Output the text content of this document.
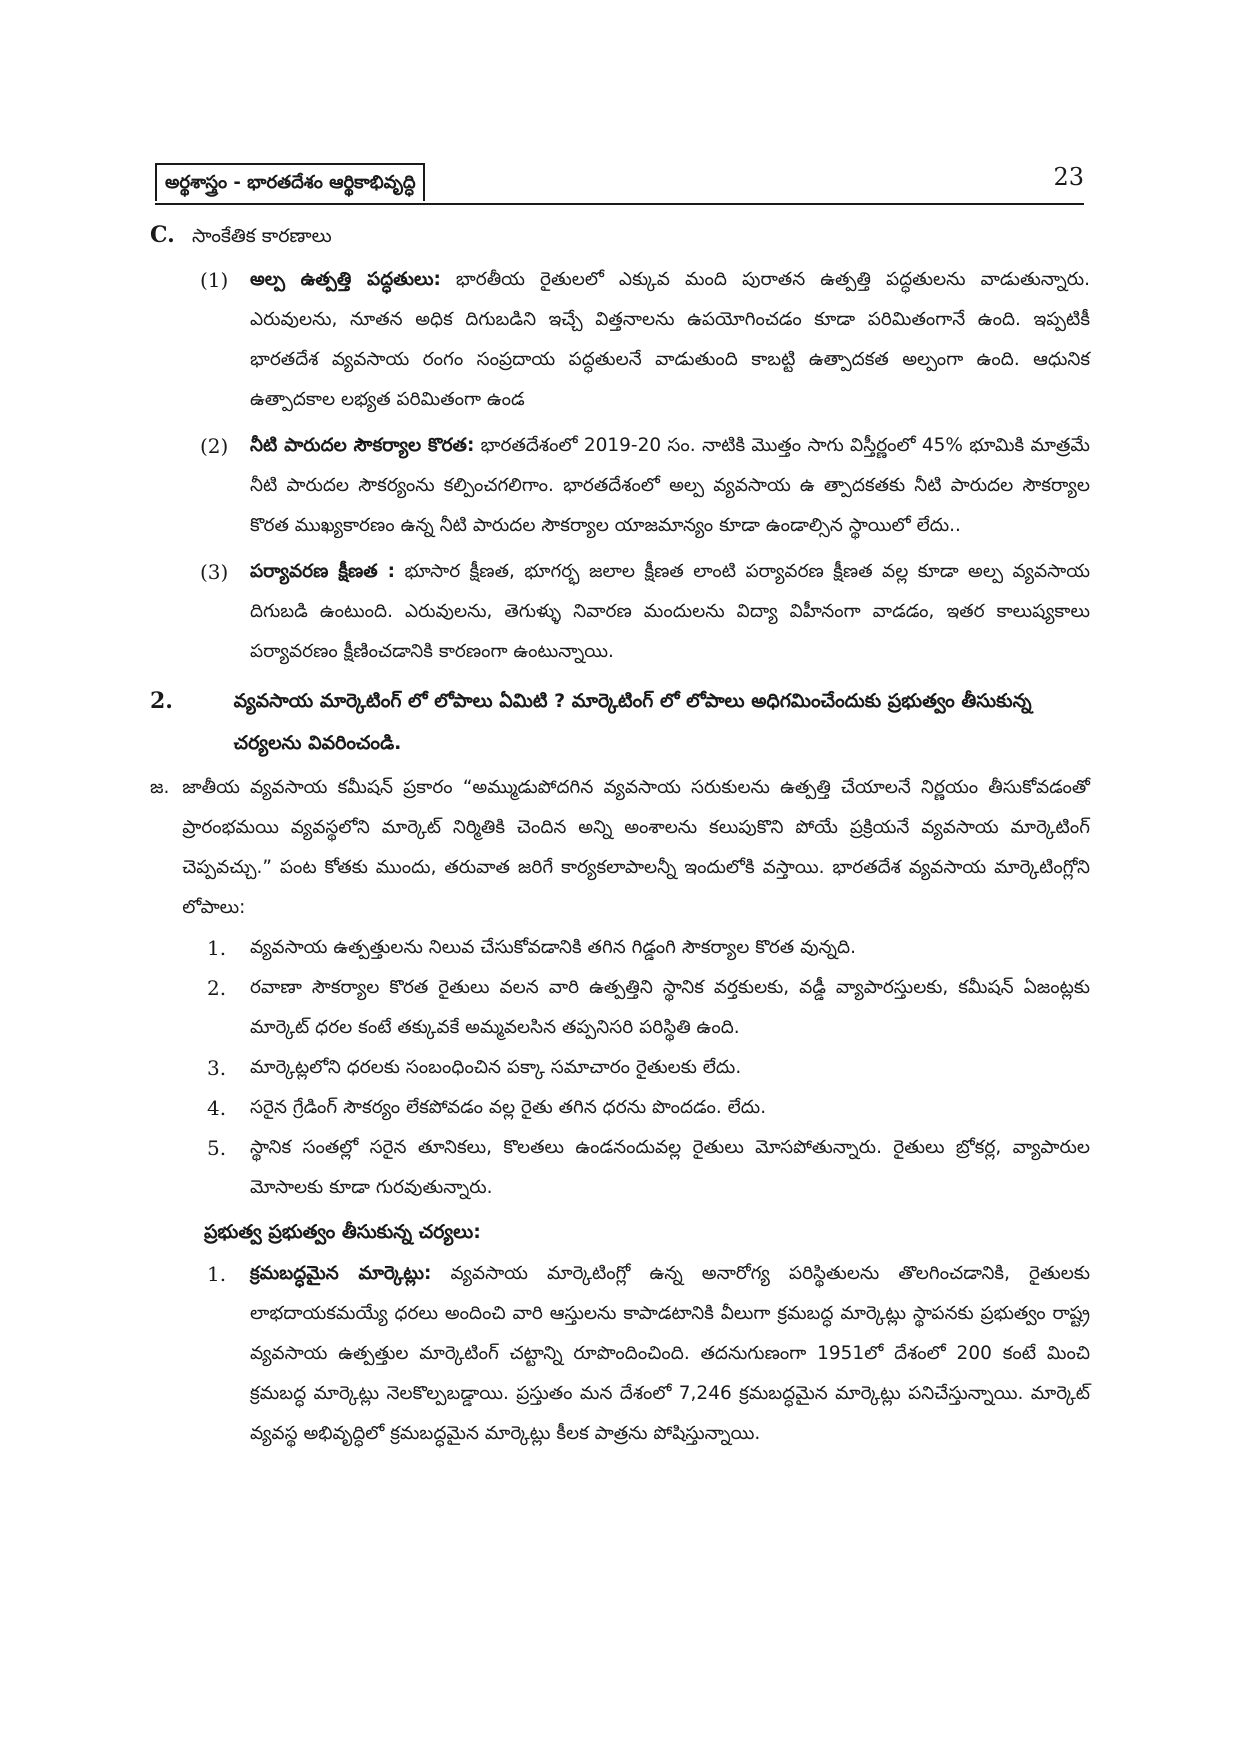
అర్థశాస్త్రం - భారతదేశం ఆర్థికాభివృద్ధి	23
C. సాంకేతిక కారణాలు
(1)	అల్ప ఉత్పత్తి పద్ధతులు: భారతీయ రైతులలో ఎక్కువ మంది పురాతన ఉత్పత్తి పద్ధతులను వాడుతున్నారు. ఎరువులను, నూతన అధిక దిగుబడిని ఇచ్చే విత్తనాలను ఉపయోగించడం కూడా పరిమితంగానే ఉంది. ఇప్పటికీ భారతదేశ వ్యవసాయ రంగం సంప్రదాయ పద్ధతులనే వాడుతుంది కాబట్టి ఉత్పాదకత అల్పంగా ఉంది. ఆధునిక ఉత్పాదకాల లభ్యత పరిమితంగా ఉండ
(2)	నీటి పారుదల సౌకర్యాల కొరత: భారతదేశంలో 2019-20 సం. నాటికి మొత్తం సాగు విస్తీర్ణంలో 45% భూమికి మాత్రమే నీటి పారుదల సౌకర్యంను కల్పించగలిగాం. భారతదేశంలో అల్ప వ్యవసాయ ఉ త్పాదకతకు నీటి పారుదల సౌకర్యాల కొరత ముఖ్యకారణం ఉన్న నీటి పారుదల సౌకర్యాల యాజమాన్యం కూడా ఉండాల్సిన స్థాయిలో లేదు..
(3)	పర్యావరణ క్షీణత : భూసార క్షీణత, భూగర్భ జలాల క్షీణత లాంటి పర్యావరణ క్షీణత వల్ల కూడా అల్ప వ్యవసాయ దిగుబడి ఉంటుంది. ఎరువులను, తెగుళ్ళు నివారణ మందులను విద్యా విహీనంగా వాడడం, ఇతర కాలుష్యకాలు పర్యావరణం క్షీణించడానికి కారణంగా ఉంటున్నాయి.
2.	వ్యవసాయ మార్కెటింగ్ లో లోపాలు ఏమిటి ? మార్కెటింగ్ లో లోపాలు అధిగమించేందుకు ప్రభుత్వం తీసుకున్న చర్యలను వివరించండి.
జ. జాతీయ వ్యవసాయ కమీషన్ ప్రకారం “అమ్ముడుపోదగిన వ్యవసాయ సరుకులను ఉత్పత్తి చేయాలనే నిర్ణయం తీసుకోవడంతో ప్రారంభమయి వ్యవస్థలోని మార్కెట్ నిర్మితికి చెందిన అన్ని అంశాలను కలుపుకొని పోయే ప్రక్రియనే వ్యవసాయ మార్కెటింగ్ చెప్పవచ్చు.” పంట కోతకు ముందు, తరువాత జరిగే కార్యకలాపాలన్నీ ఇందులోకి వస్తాయి. భారతదేశ వ్యవసాయ మార్కెటింగ్లోని లోపాలు:
1.	వ్యవసాయ ఉత్పత్తులను నిలువ చేసుకోవడానికి తగిన గిడ్డంగి సౌకర్యాల కొరత వున్నది.
2.	రవాణా సౌకర్యాల కొరత రైతులు వలన వారి ఉత్పత్తిని స్థానిక వర్తకులకు, వడ్డీ వ్యాపారస్తులకు, కమీషన్ ఏజంట్లకు మార్కెట్ ధరల కంటే తక్కువకే అమ్మవలసిన తప్పనిసరి పరిస్థితి ఉంది.
3.	మార్కెట్లలోని ధరలకు సంబంధించిన పక్కా సమాచారం రైతులకు లేదు.
4.	సరైన గ్రేడింగ్ సౌకర్యం లేకపోవడం వల్ల రైతు తగిన ధరను పొందడం. లేదు.
5.	స్థానిక సంతల్లో సరైన తూనికలు, కొలతలు ఉండనందువల్ల రైతులు మోసపోతున్నారు. రైతులు బ్రోకర్ల, వ్యాపారుల మోసాలకు కూడా గురవుతున్నారు.
ప్రభుత్వ ప్రభుత్వం తీసుకున్న చర్యలు:
1.	క్రమబద్ధమైన మార్కెట్లు: వ్యవసాయ మార్కెటింగ్లో ఉన్న అనారోగ్య పరిస్థితులను తొలగించడానికి, రైతులకు లాభదాయకమయ్యే ధరలు అందించి వారి ఆస్తులను కాపాడటానికి వీలుగా క్రమబద్ధ మార్కెట్లు స్థాపనకు ప్రభుత్వం రాష్ట్ర వ్యవసాయ ఉత్పత్తుల మార్కెటింగ్ చట్టాన్ని రూపొందించింది. తదనుగుణంగా 1951లో దేశంలో 200 కంటే మించి క్రమబద్ధ మార్కెట్లు నెలకొల్పబడ్డాయి. ప్రస్తుతం మన దేశంలో 7,246 క్రమబద్ధమైన మార్కెట్లు పనిచేస్తున్నాయి. మార్కెట్ వ్యవస్థ అభివృద్ధిలో క్రమబద్ధమైన మార్కెట్లు కీలక పాత్రను పోషిస్తున్నాయి.
